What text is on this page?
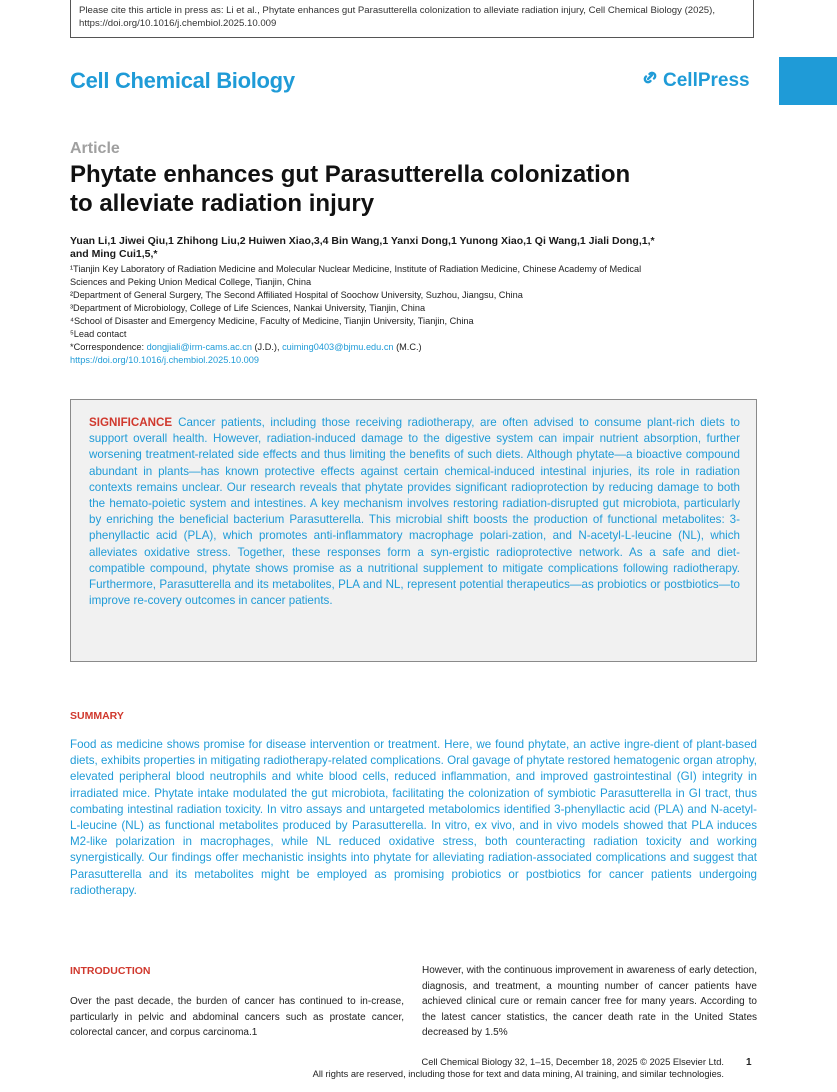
Please cite this article in press as: Li et al., Phytate enhances gut Parasutterella colonization to alleviate radiation injury, Cell Chemical Biology (2025),
https://doi.org/10.1016/j.chembiol.2025.10.009
Cell Chemical Biology	CellPress
Article
Phytate enhances gut Parasutterella colonization
to alleviate radiation injury
Yuan Li,1 Jiwei Qiu,1 Zhihong Liu,2 Huiwen Xiao,3,4 Bin Wang,1 Yanxi Dong,1 Yunong Xiao,1 Qi Wang,1 Jiali Dong,1,*
and Ming Cui1,5,*
¹Tianjin Key Laboratory of Radiation Medicine and Molecular Nuclear Medicine, Institute of Radiation Medicine, Chinese Academy of Medical
Sciences and Peking Union Medical College, Tianjin, China
²Department of General Surgery, The Second Affiliated Hospital of Soochow University, Suzhou, Jiangsu, China
³Department of Microbiology, College of Life Sciences, Nankai University, Tianjin, China
⁴School of Disaster and Emergency Medicine, Faculty of Medicine, Tianjin University, Tianjin, China
⁵Lead contact
*Correspondence: dongjiali@irm-cams.ac.cn (J.D.), cuiming0403@bjmu.edu.cn (M.C.)
https://doi.org/10.1016/j.chembiol.2025.10.009
SIGNIFICANCE Cancer patients, including those receiving radiotherapy, are often advised to consume plant-rich diets to support overall health. However, radiation-induced damage to the digestive system can impair nutrient absorption, further worsening treatment-related side effects and thus limiting the benefits of such diets. Although phytate—a bioactive compound abundant in plants—has known protective effects against certain chemical-induced intestinal injuries, its role in radiation contexts remains unclear. Our research reveals that phytate provides significant radioprotection by reducing damage to both the hemato-poietic system and intestines. A key mechanism involves restoring radiation-disrupted gut microbiota, particularly by enriching the beneficial bacterium Parasutterella. This microbial shift boosts the production of functional metabolites: 3-phenyllactic acid (PLA), which promotes anti-inflammatory macrophage polari-zation, and N-acetyl-L-leucine (NL), which alleviates oxidative stress. Together, these responses form a syn-ergistic radioprotective network. As a safe and diet-compatible compound, phytate shows promise as a nutritional supplement to mitigate complications following radiotherapy. Furthermore, Parasutterella and its metabolites, PLA and NL, represent potential therapeutics—as probiotics or postbiotics—to improve re-covery outcomes in cancer patients.
SUMMARY
Food as medicine shows promise for disease intervention or treatment. Here, we found phytate, an active ingre-dient of plant-based diets, exhibits properties in mitigating radiotherapy-related complications. Oral gavage of phytate restored hematogenic organ atrophy, elevated peripheral blood neutrophils and white blood cells, reduced inflammation, and improved gastrointestinal (GI) integrity in irradiated mice. Phytate intake modulated the gut microbiota, facilitating the colonization of symbiotic Parasutterella in GI tract, thus combating intestinal radiation toxicity. In vitro assays and untargeted metabolomics identified 3-phenyllactic acid (PLA) and N-acetyl-L-leucine (NL) as functional metabolites produced by Parasutterella. In vitro, ex vivo, and in vivo models showed that PLA induces M2-like polarization in macrophages, while NL reduced oxidative stress, both counteracting radiation toxicity and working synergistically. Our findings offer mechanistic insights into phytate for alleviating radiation-associated complications and suggest that Parasutterella and its metabolites might be employed as promising probiotics or postbiotics for cancer patients undergoing radiotherapy.
INTRODUCTION
Over the past decade, the burden of cancer has continued to in-crease, particularly in pelvic and abdominal cancers such as prostate cancer, colorectal cancer, and corpus carcinoma.1
However, with the continuous improvement in awareness of early detection, diagnosis, and treatment, a mounting number of cancer patients have achieved clinical cure or remain cancer free for many years. According to the latest cancer statistics, the cancer death rate in the United States decreased by 1.5%
Cell Chemical Biology 32, 1–15, December 18, 2025 © 2025 Elsevier Ltd.
All rights are reserved, including those for text and data mining, AI training, and similar technologies.
1
